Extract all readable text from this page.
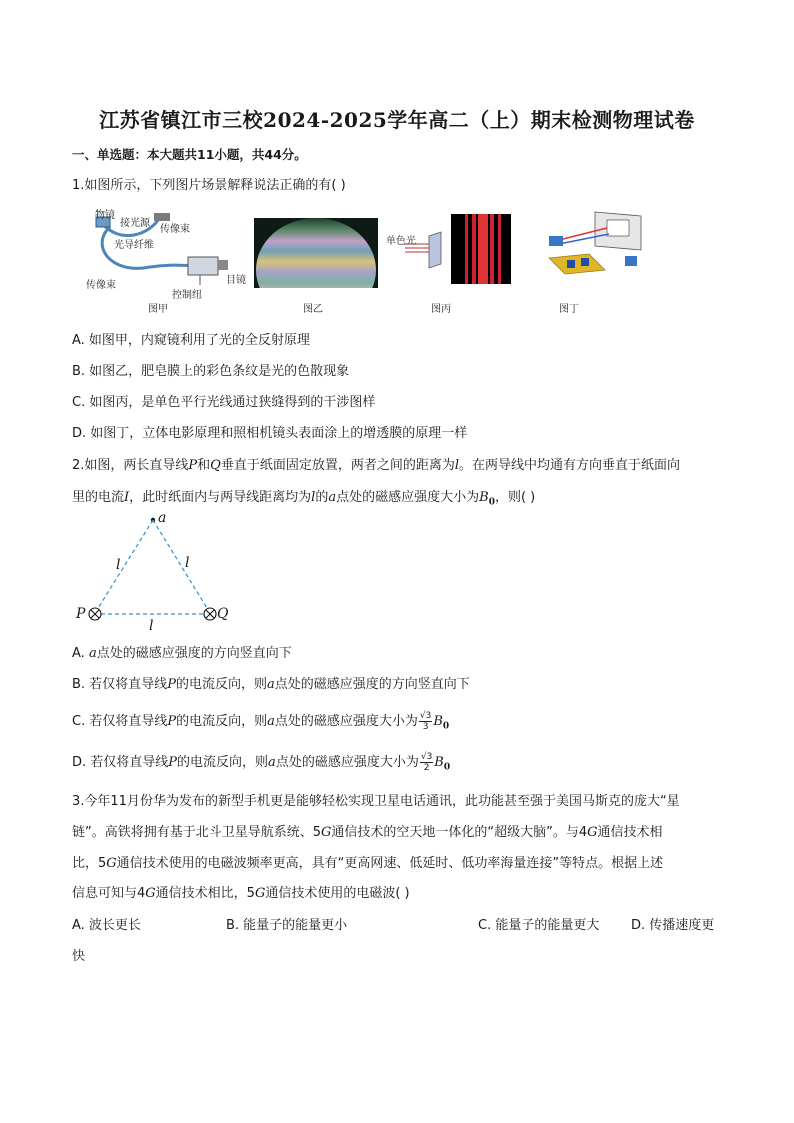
江苏省镇江市三校2024-2025学年高二（上）期末检测物理试卷
一、单选题：本大题共11小题，共44分。
1.如图所示，下列图片场景解释说法正确的有( )
物镜
接光源
传像束
光导纤维
传像束	目镜
控制纽
单色光
图甲	图乙	图丙	图丁
A. 如图甲，内窥镜利用了光的全反射原理
B. 如图乙，肥皂膜上的彩色条纹是光的色散现象
C. 如图丙，是单色平行光线通过狭缝得到的干涉图样
D. 如图丁，立体电影原理和照相机镜头表面涂上的增透膜的原理一样
2.如图，两长直导线P和Q垂直于纸面固定放置，两者之间的距离为l。在两导线中均通有方向垂直于纸面向
里的电流I，此时纸面内与两导线距离均为l的a点处的磁感应强度大小为$B_0$，则( )
a
P	Q
l	l
l
A. a点处的磁感应强度的方向竖直向下
B. 若仅将直导线P的电流反向，则a点处的磁感应强度的方向竖直向下
C. 若仅将直导线P的电流反向，则a点处的磁感应强度大小为 $\frac{√3}{3} B_0$
D. 若仅将直导线P的电流反向，则a点处的磁感应强度大小为 $\frac{√3}{2} B_0$
3.今年11月份华为发布的新型手机更是能够轻松实现卫星电话通讯，此功能甚至强于美国马斯克的庞大“星
链”。高铁将拥有基于北斗卫星导航系统、5G通信技术的空天地一体化的“超级大脑”。与4G通信技术相
比，5G通信技术使用的电磁波频率更高，具有“更高网速、低延时、低功率海量连接”等特点。根据上述
信息可知与4G通信技术相比，5G通信技术使用的电磁波( )
A. 波长更长	B. 能量子的能量更小	C. 能量子的能量更大 D. 传播速度更
快
